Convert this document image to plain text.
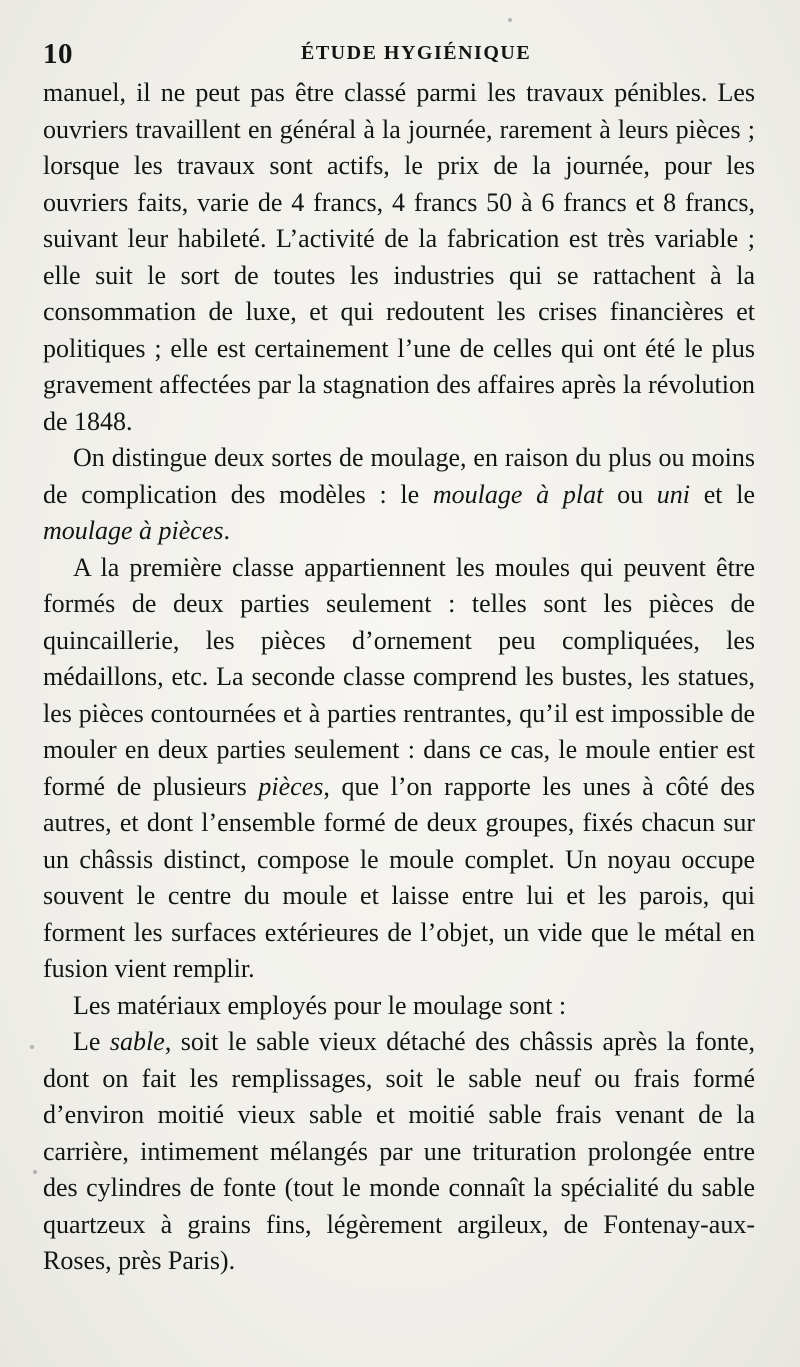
10	ÉTUDE HYGIÉNIQUE

manuel, il ne peut pas être classé parmi les travaux pénibles. Les ouvriers travaillent en général à la journée, rarement à leurs pièces ; lorsque les travaux sont actifs, le prix de la journée, pour les ouvriers faits, varie de 4 francs, 4 francs 50 à 6 francs et 8 francs, suivant leur habileté. L’activité de la fabrication est très variable ; elle suit le sort de toutes les industries qui se rattachent à la consommation de luxe, et qui redoutent les crises financières et politiques ; elle est certainement l’une de celles qui ont été le plus gravement affectées par la stagnation des affaires après la révolution de 1848.

On distingue deux sortes de moulage, en raison du plus ou moins de complication des modèles : le moulage à plat ou uni et le moulage à pièces.

A la première classe appartiennent les moules qui peuvent être formés de deux parties seulement : telles sont les pièces de quincaillerie, les pièces d’ornement peu compliquées, les médaillons, etc. La seconde classe comprend les bustes, les statues, les pièces contournées et à parties rentrantes, qu’il est impossible de mouler en deux parties seulement : dans ce cas, le moule entier est formé de plusieurs pièces, que l’on rapporte les unes à côté des autres, et dont l’ensemble formé de deux groupes, fixés chacun sur un châssis distinct, compose le moule complet. Un noyau occupe souvent le centre du moule et laisse entre lui et les parois, qui forment les surfaces extérieures de l’objet, un vide que le métal en fusion vient remplir.

Les matériaux employés pour le moulage sont :

Le sable, soit le sable vieux détaché des châssis après la fonte, dont on fait les remplissages, soit le sable neuf ou frais formé d’environ moitié vieux sable et moitié sable frais venant de la carrière, intimement mélangés par une trituration prolongée entre des cylindres de fonte (tout le monde connaît la spécialité du sable quartzeux à grains fins, légèrement argileux, de Fontenay-aux-Roses, près Paris).
